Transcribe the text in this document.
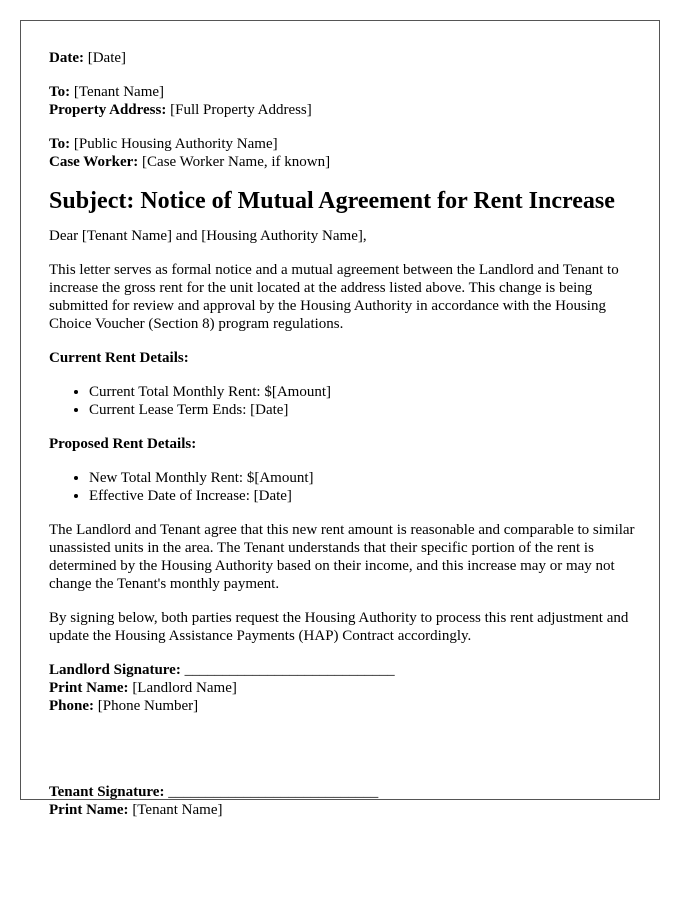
Date: [Date]
To: [Tenant Name]
Property Address: [Full Property Address]
To: [Public Housing Authority Name]
Case Worker: [Case Worker Name, if known]
Subject: Notice of Mutual Agreement for Rent Increase

Dear [Tenant Name] and [Housing Authority Name],

This letter serves as formal notice and a mutual agreement between the Landlord and Tenant to increase the gross rent for the unit located at the address listed above. This change is being submitted for review and approval by the Housing Authority in accordance with the Housing Choice Voucher (Section 8) program regulations.

Current Rent Details:
• Current Total Monthly Rent: $[Amount]
• Current Lease Term Ends: [Date]
Proposed Rent Details:
• New Total Monthly Rent: $[Amount]
• Effective Date of Increase: [Date]

The Landlord and Tenant agree that this new rent amount is reasonable and comparable to similar unassisted units in the area. The Tenant understands that their specific portion of the rent is determined by the Housing Authority based on their income, and this increase may or may not change the Tenant's monthly payment.

By signing below, both parties request the Housing Authority to process this rent adjustment and update the Housing Assistance Payments (HAP) Contract accordingly.

Landlord Signature: ____________________________
Print Name: [Landlord Name]
Phone: [Phone Number]
Tenant Signature: ____________________________
Print Name: [Tenant Name]
